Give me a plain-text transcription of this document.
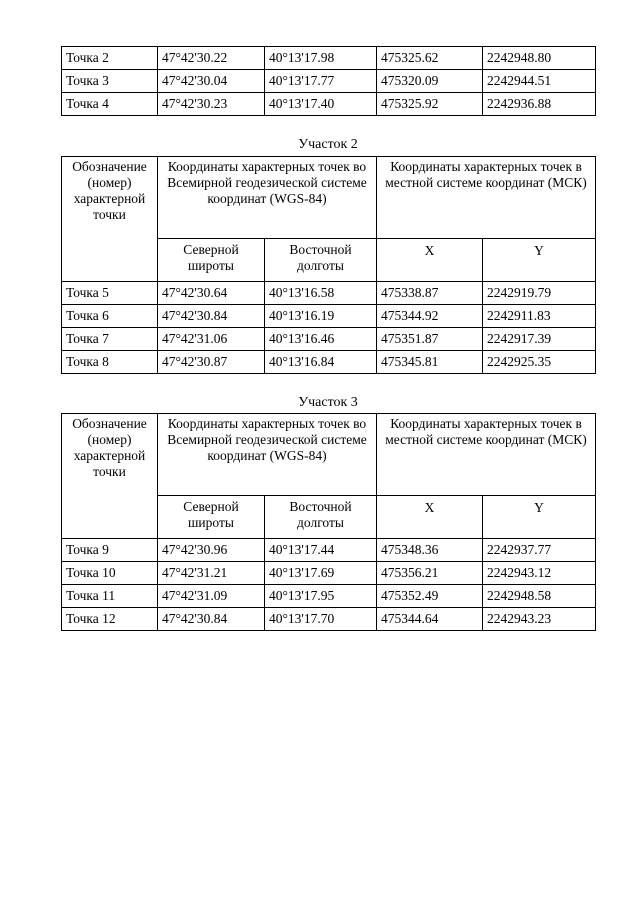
Точка 2	47°42'30.22	40°13'17.98	475325.62	2242948.80
Точка 3	47°42'30.04	40°13'17.77	475320.09	2242944.51
Точка 4	47°42'30.23	40°13'17.40	475325.92	2242936.88
Участок 2
Обозначение (номер) характерной точки	Координаты характерных точек во Всемирной геодезической системе координат (WGS-84)		Координаты характерных точек в местной системе координат (МСК)	
	Северной широты	Восточной долготы	X	Y
Точка 5	47°42'30.64	40°13'16.58	475338.87	2242919.79
Точка 6	47°42'30.84	40°13'16.19	475344.92	2242911.83
Точка 7	47°42'31.06	40°13'16.46	475351.87	2242917.39
Точка 8	47°42'30.87	40°13'16.84	475345.81	2242925.35
Участок 3
Обозначение (номер) характерной точки	Координаты характерных точек во Всемирной геодезической системе координат (WGS-84)		Координаты характерных точек в местной системе координат (МСК)	
	Северной широты	Восточной долготы	X	Y
Точка 9	47°42'30.96	40°13'17.44	475348.36	2242937.77
Точка 10	47°42'31.21	40°13'17.69	475356.21	2242943.12
Точка 11	47°42'31.09	40°13'17.95	475352.49	2242948.58
Точка 12	47°42'30.84	40°13'17.70	475344.64	2242943.23
